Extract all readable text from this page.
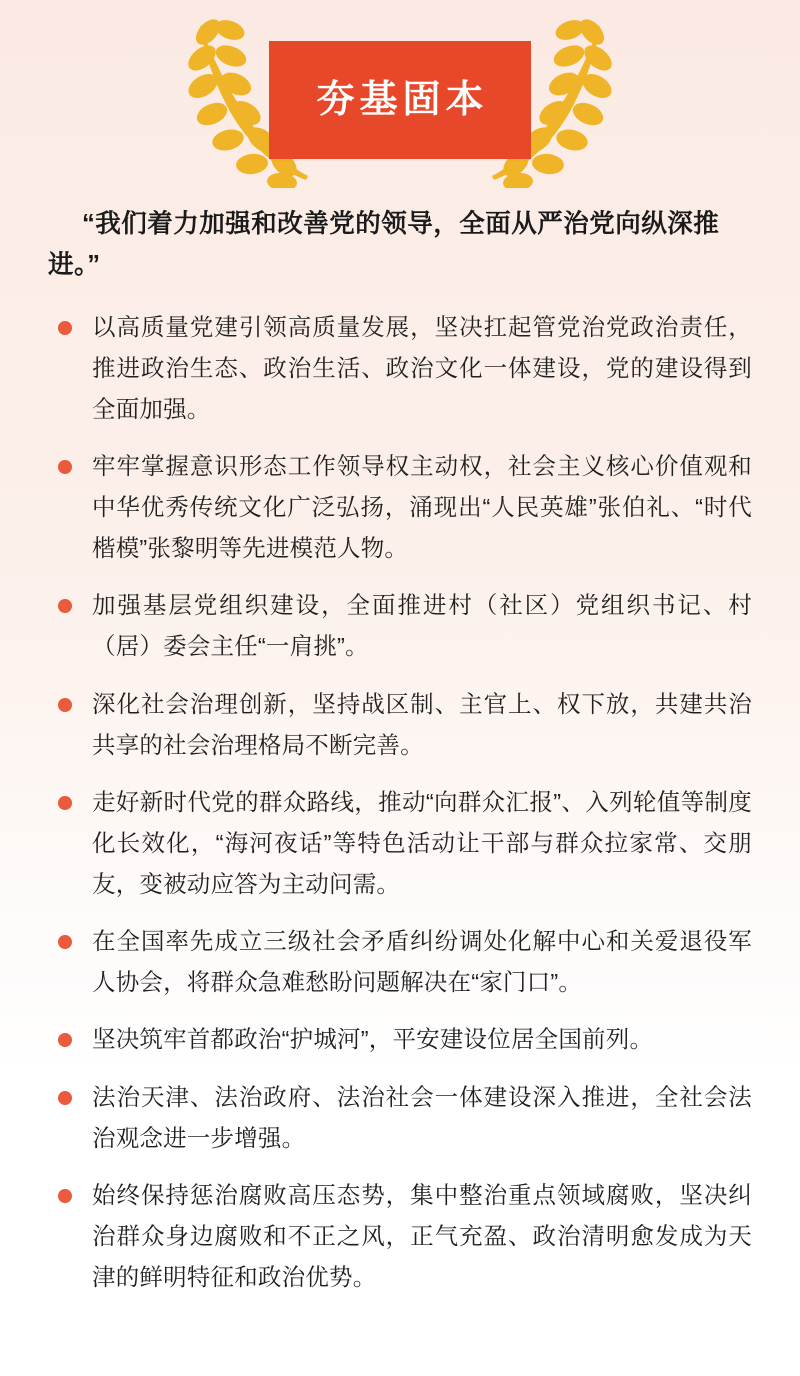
夯基固本

“我们着力加强和改善党的领导，全面从严治党向纵深推进。”

以高质量党建引领高质量发展，坚决扛起管党治党政治责任，推进政治生态、政治生活、政治文化一体建设，党的建设得到全面加强。
牢牢掌握意识形态工作领导权主动权，社会主义核心价值观和中华优秀传统文化广泛弘扬，涌现出“人民英雄”张伯礼、“时代楷模”张黎明等先进模范人物。
加强基层党组织建设，全面推进村（社区）党组织书记、村（居）委会主任“一肩挑”。
深化社会治理创新，坚持战区制、主官上、权下放，共建共治共享的社会治理格局不断完善。
走好新时代党的群众路线，推动“向群众汇报”、入列轮值等制度化长效化，“海河夜话”等特色活动让干部与群众拉家常、交朋友，变被动应答为主动问需。
在全国率先成立三级社会矛盾纠纷调处化解中心和关爱退役军人协会，将群众急难愁盼问题解决在“家门口”。
坚决筑牢首都政治“护城河”，平安建设位居全国前列。
法治天津、法治政府、法治社会一体建设深入推进，全社会法治观念进一步增强。
始终保持惩治腐败高压态势，集中整治重点领域腐败，坚决纠治群众身边腐败和不正之风，正气充盈、政治清明愈发成为天津的鲜明特征和政治优势。
